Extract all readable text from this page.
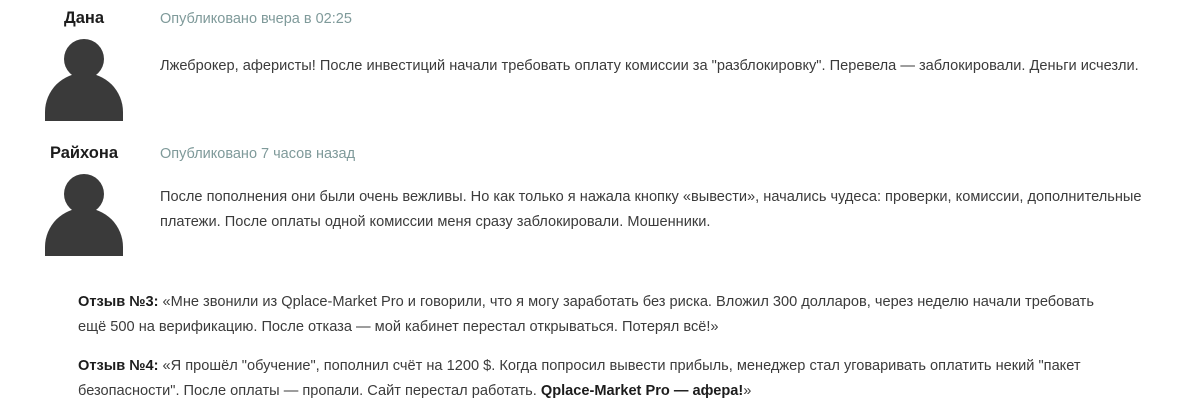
Дана	Опубликовано вчера в 02:25

Лжеброкер, аферисты! После инвестиций начали требовать оплату комиссии за "разблокировку". Перевела — заблокировали. Деньги исчезли.

Райхона	Опубликовано 7 часов назад

После пополнения они были очень вежливы. Но как только я нажала кнопку «вывести», начались чудеса: проверки, комиссии, дополнительные платежи. После оплаты одной комиссии меня сразу заблокировали. Мошенники.

Отзыв №3: «Мне звонили из Qplace-Market Pro и говорили, что я могу заработать без риска. Вложил 300 долларов, через неделю начали требовать ещё 500 на верификацию. После отказа — мой кабинет перестал открываться. Потерял всё!»

Отзыв №4: «Я прошёл "обучение", пополнил счёт на 1200 $. Когда попросил вывести прибыль, менеджер стал уговаривать оплатить некий "пакет безопасности". После оплаты — пропали. Сайт перестал работать. Qplace-Market Pro — афера!»
